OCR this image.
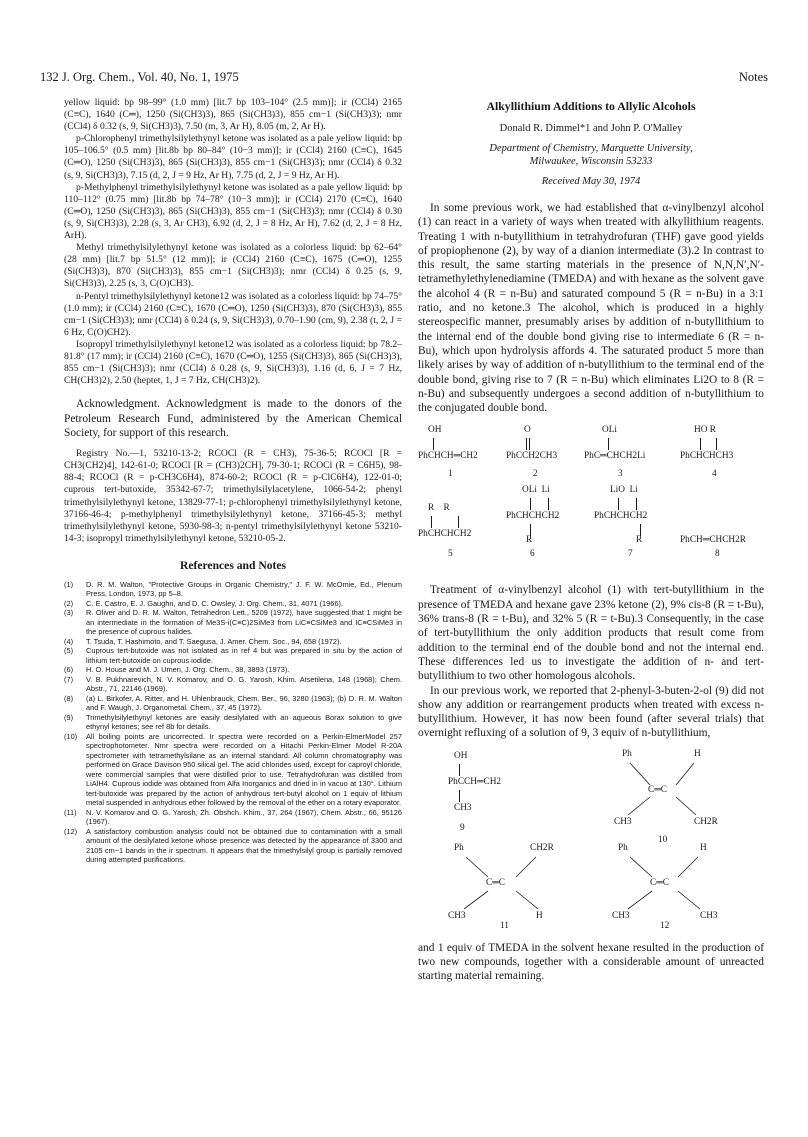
132 J. Org. Chem., Vol. 40, No. 1, 1975	Notes

yellow liquid: bp 98–99° (1.0 mm) [lit.7 bp 103–104° (2.5 mm)]; ir (CCl4) 2165 (C≡C), 1640 (C═), 1250 (Si(CH3)3), 865 (Si(CH3)3), 855 cm−1 (Si(CH3)3); nmr (CCl4) δ 0.32 (s, 9, Si(CH3)3), 7.50 (m, 3, Ar H), 8.05 (m, 2, Ar H).

p-Chlorophenyl trimethylsilylethynyl ketone was isolated as a pale yellow liquid: bp 105–106.5° (0.5 mm) [lit.8b bp 80–84° (10−3 mm)]; ir (CCl4) 2160 (C≡C), 1645 (C═O), 1250 (Si(CH3)3), 865 (Si(CH3)3), 855 cm−1 (Si(CH3)3); nmr (CCl4) δ 0.32 (s, 9, Si(CH3)3), 7.15 (d, 2, J = 9 Hz, Ar H), 7.75 (d, 2, J = 9 Hz, Ar H).

p-Methylphenyl trimethylsilylethynyl ketone was isolated as a pale yellow liquid: bp 110–112° (0.75 mm) [lit.8b bp 74–78° (10−3 mm)]; ir (CCl4) 2170 (C≡C), 1640 (C═O), 1250 (Si(CH3)3), 865 (Si(CH3)3), 855 cm−1 (Si(CH3)3); nmr (CCl4) δ 0.30 (s, 9, Si(CH3)3), 2.28 (s, 3, Ar CH3), 6.92 (d, 2, J = 8 Hz, Ar H), 7.62 (d, 2, J = 8 Hz, ArH).

Methyl trimethylsilylethynyl ketone was isolated as a colorless liquid: bp 62–64° (28 mm) [lit.7 bp 51.5° (12 mm)]; ir (CCl4) 2160 (C≡C), 1675 (C═O), 1255 (Si(CH3)3), 870 (Si(CH3)3), 855 cm−1 (Si(CH3)3); nmr (CCl4) δ 0.25 (s, 9, Si(CH3)3), 2.25 (s, 3, C(O)CH3).

n-Pentyl trimethylsilylethynyl ketone12 was isolated as a colorless liquid: bp 74–75° (1.0 mm); ir (CCl4) 2160 (C≡C), 1670 (C═O), 1250 (Si(CH3)3), 870 (Si(CH3)3), 855 cm−1 (Si(CH3)3); nmr (CCl4) δ 0.24 (s, 9, Si(CH3)3), 0.70–1.90 (cm, 9), 2.38 (t, 2, J = 6 Hz, C(O)CH2).

Isopropyl trimethylsilylethynyl ketone12 was isolated as a colorless liquid: bp 78.2–81.8° (17 mm); ir (CCl4) 2160 (C≡C), 1670 (C═O), 1255 (Si(CH3)3), 865 (Si(CH3)3), 855 cm−1 (Si(CH3)3); nmr (CCl4) δ 0.28 (s, 9, Si(CH3)3), 1.16 (d, 6, J = 7 Hz, CH(CH3)2), 2.50 (heptet, 1, J = 7 Hz, CH(CH3)2).

Acknowledgment. Acknowledgment is made to the donors of the Petroleum Research Fund, administered by the American Chemical Society, for support of this research.

Registry No.—1, 53210-13-2; RCOCl (R = CH3), 75-36-5; RCOCl [R = CH3(CH2)4], 142-61-0; RCOCl [R = (CH3)2CH], 79-30-1; RCOCl (R = C6H5), 98-88-4; RCOCl (R = p-CH3C6H4), 874-60-2; RCOCl (R = p-ClC6H4), 122-01-0; cuprous tert-butoxide, 35342-67-7; trimethylsilylacetylene, 1066-54-2; phenyl trimethylsilylethynyl ketone, 13829-77-1; p-chlorophenyl trimethylsilylethynyl ketone, 37166-46-4; p-methylphenyl trimethylsilylethynyl ketone, 37166-45-3; methyl trimethylsilylethynyl ketone, 5930-98-3; n-pentyl trimethylsilylethynyl ketone 53210-14-3; isopropyl trimethylsilylethynyl ketone, 53210-05-2.

References and Notes
(1) D. R. M. Walton, "Protective Groups in Organic Chemistry," J. F. W. McOmie, Ed., Plenum Press, London, 1973, pp 5–8.
(2) C. E. Castro, E. J. Gaughn, and D. C. Owsley, J. Org. Chem., 31, 4071 (1966).
(3) R. Oliver and D. R. M. Walton, Tetrahedron Lett., 5209 (1972), have suggested that 1 might be an intermediate in the formation of Me3S-i(C≡C)2SiMe3 from LiC≡CSiMe3 and IC≡CSiMe3 in the presence of cuprous halides.
(4) T. Tsuda, T. Hashimoto, and T. Saegusa, J. Amer. Chem. Soc., 94, 658 (1972).
(5) Cuprous tert-butoxide was not isolated as in ref 4 but was prepared in situ by the action of lithium tert-butoxide on cuprous iodide.
(6) H. O. House and M. J. Umen, J. Org. Chem., 38, 3893 (1973).
(7) V. B. Pukhnarevich, N. V. Komarov, and O. G. Yarosh, Khim. Atsetilena, 148 (1968); Chem. Abstr., 71, 22146 (1969).
(8) (a) L. Birkofer, A. Ritter, and H. Uhlenbrauck, Chem. Ber., 96, 3280 (1963); (b) D. R. M. Walton and F. Waugh, J. Organometal. Chem., 37, 45 (1972).
(9) Trimethylsilylethynyl ketones are easily desilylated with an aqueous Borax solution to give ethynyl ketones; see ref 8b for details.
(10) All boiling points are uncorrected. Ir spectra were recorded on a Perkin-ElmerModel 257 spectrophotometer. Nmr spectra were recorded on a Hitachi Perkin-Elmer Model R-20A spectrometer with tetramethylsilane as an internal standard. All column chromatography was performed on Grace Davison 950 silical gel. The acid chlorides used, except for caproyl chloride, were commercial samples that were distilled prior to use. Tetrahydrofuran was distilled from LiAlH4. Cuprous iodide was obtained from Alfa Inorganics and dried in in vacuo at 130°. Lithium tert-butoxide was prepared by the action of anhydrous tert-butyl alcohol on 1 equiv of lithium metal suspended in anhydrous ether followed by the removal of the ether on a rotary evaporator.
(11) N. V. Komarov and O. G. Yarosh, Zh. Obshch. Khim., 37, 264 (1967), Chem. Abstr., 66, 95126 (1967).
(12) A satisfactory combustion analysis could not be obtained due to contamination with a small amount of the desilylated ketone whose presence was detected by the appearance of 3300 and 2105 cm−1 bands in the ir spectrum. It appears that the trimethylsilyl group is partially removed during attempted purifications.
Alkyllithium Additions to Allylic Alcohols
Donald R. Dimmel*1 and John P. O'Malley
Department of Chemistry, Marquette University,
Milwaukee, Wisconsin 53233
Received May 30, 1974

In some previous work, we had established that α-vinylbenzyl alcohol (1) can react in a variety of ways when treated with alkyllithium reagents. Treating 1 with n-butyllithium in tetrahydrofuran (THF) gave good yields of propiophenone (2), by way of a dianion intermediate (3).2 In contrast to this result, the same starting materials in the presence of N,N,N′,N′-tetramethylethylenediamine (TMEDA) and with hexane as the solvent gave the alcohol 4 (R = n-Bu) and saturated compound 5 (R = n-Bu) in a 3:1 ratio, and no ketone.3 The alcohol, which is produced in a highly stereospecific manner, presumably arises by addition of n-butyllithium to the internal end of the double bond giving rise to intermediate 6 (R = n-Bu), which upon hydrolysis affords 4. The saturated product 5 more than likely arises by way of addition of n-butyllithium to the terminal end of the double bond, giving rise to 7 (R = n-Bu) which eliminates Li2O to 8 (R = n-Bu) and subsequently undergoes a second addition of n-butyllithium to the conjugated double bond.

OH
PhCHCH═CH2
1
O
PhCCH2CH3
2
OLi
PhC═CHCH2Li
3
HO R
PhCHCHCH3
4
R    R
PhCHCHCH2
5
OLi  Li
PhCHCHCH2
R
6
LiO  Li
PhCHCHCH2
R
7
PhCH═CHCH2R
8

Treatment of α-vinylbenzyl alcohol (1) with tert-butyllithium in the presence of TMEDA and hexane gave 23% ketone (2), 9% cis-8 (R = t-Bu), 36% trans-8 (R = t-Bu), and 32% 5 (R = t-Bu).3 Consequently, in the case of tert-butyllithium the only addition products that result come from addition to the terminal end of the double bond and not the internal end. These differences led us to investigate the addition of n- and tert-butyllithium to two other homologous alcohols.

In our previous work, we reported that 2-phenyl-3-buten-2-ol (9) did not show any addition or rearrangement products when treated with excess n-butyllithium. However, it has now been found (after several trials) that overnight refluxing of a solution of 9, 3 equiv of n-butyllithium,

OH
PhCCH═CH2
CH3
9
Ph	H
C═C
CH3	CH2R
10
Ph	CH2R
C═C
CH3	H
11
Ph	H
C═C
CH3	CH3
12

and 1 equiv of TMEDA in the solvent hexane resulted in the production of two new compounds, together with a considerable amount of unreacted starting material remaining.
